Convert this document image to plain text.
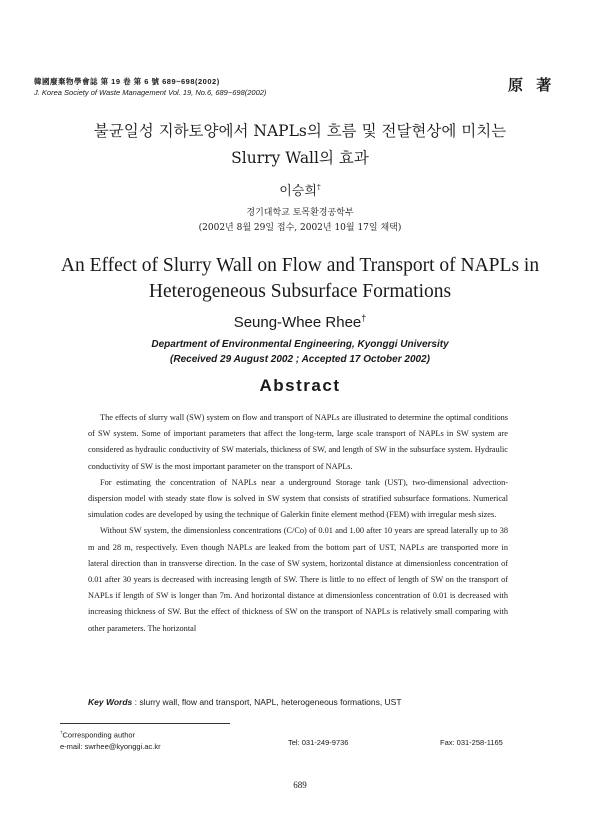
韓國廢棄物學會誌 第 19 卷 第 6 號 689~698(2002)
J. Korea Society of Waste Management Vol. 19, No.6, 689~698(2002)	原 著
불균일성 지하토양에서 NAPLs의 흐름 및 전달현상에 미치는
Slurry Wall의 효과
이승희†
경기대학교 토목환경공학부
(2002년 8월 29일 접수, 2002년 10월 17일 채택)
An Effect of Slurry Wall on Flow and Transport of NAPLs in
Heterogeneous Subsurface Formations
Seung-Whee Rhee†
Department of Environmental Engineering, Kyonggi University
(Received 29 August 2002 ; Accepted 17 October 2002)
Abstract

The effects of slurry wall (SW) system on flow and transport of NAPLs are illustrated to determine the optimal conditions of SW system. Some of important parameters that affect the long-term, large scale transport of NAPLs in SW system are considered as hydraulic conductivity of SW materials, thickness of SW, and length of SW in the subsurface system. Hydraulic conductivity of SW is the most important parameter on the transport of NAPLs.

For estimating the concentration of NAPLs near a underground Storage tank (UST), two-dimensional advection-dispersion model with steady state flow is solved in SW system that consists of stratified subsurface formations. Numerical simulation codes are developed by using the technique of Galerkin finite element method (FEM) with irregular mesh sizes.

Without SW system, the dimensionless concentrations (C/Co) of 0.01 and 1.00 after 10 years are spread laterally up to 38 m and 28 m, respectively. Even though NAPLs are leaked from the bottom part of UST, NAPLs are transported more in lateral direction than in transverse direction. In the case of SW system, horizontal distance at dimensionless concentration of 0.01 after 30 years is decreased with increasing length of SW. There is little to no effect of length of SW on the transport of NAPLs if length of SW is longer than 7m. And horizontal distance at dimensionless concentration of 0.01 is decreased with increasing thickness of SW. But the effect of thickness of SW on the transport of NAPLs is relatively small comparing with other parameters. The horizontal

Key Words : slurry wall, flow and transport, NAPL, heterogeneous formations, UST
†Corresponding author
e-mail: swrhee@kyonggi.ac.kr	Tel: 031-249-9736	Fax: 031-258-1165
689
